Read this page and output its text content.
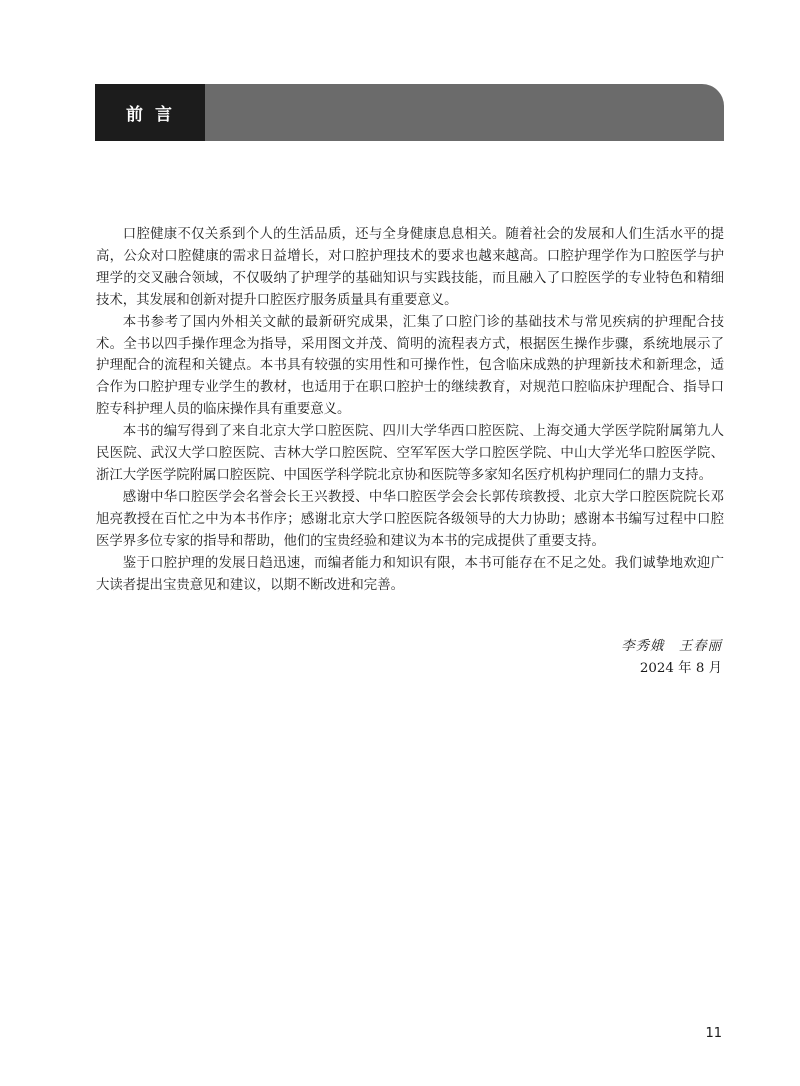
前言

口腔健康不仅关系到个人的生活品质，还与全身健康息息相关。随着社会的发展和人们生活水平的提高，公众对口腔健康的需求日益增长，对口腔护理技术的要求也越来越高。口腔护理学作为口腔医学与护理学的交叉融合领域，不仅吸纳了护理学的基础知识与实践技能，而且融入了口腔医学的专业特色和精细技术，其发展和创新对提升口腔医疗服务质量具有重要意义。

本书参考了国内外相关文献的最新研究成果，汇集了口腔门诊的基础技术与常见疾病的护理配合技术。全书以四手操作理念为指导，采用图文并茂、简明的流程表方式，根据医生操作步骤，系统地展示了护理配合的流程和关键点。本书具有较强的实用性和可操作性，包含临床成熟的护理新技术和新理念，适合作为口腔护理专业学生的教材，也适用于在职口腔护士的继续教育，对规范口腔临床护理配合、指导口腔专科护理人员的临床操作具有重要意义。

本书的编写得到了来自北京大学口腔医院、四川大学华西口腔医院、上海交通大学医学院附属第九人民医院、武汉大学口腔医院、吉林大学口腔医院、空军军医大学口腔医学院、中山大学光华口腔医学院、浙江大学医学院附属口腔医院、中国医学科学院北京协和医院等多家知名医疗机构护理同仁的鼎力支持。

感谢中华口腔医学会名誉会长王兴教授、中华口腔医学会会长郭传瑸教授、北京大学口腔医院院长邓旭亮教授在百忙之中为本书作序；感谢北京大学口腔医院各级领导的大力协助；感谢本书编写过程中口腔医学界多位专家的指导和帮助，他们的宝贵经验和建议为本书的完成提供了重要支持。

鉴于口腔护理的发展日趋迅速，而编者能力和知识有限，本书可能存在不足之处。我们诚挚地欢迎广大读者提出宝贵意见和建议，以期不断改进和完善。

李秀娥　王春丽
2024 年 8 月
11
